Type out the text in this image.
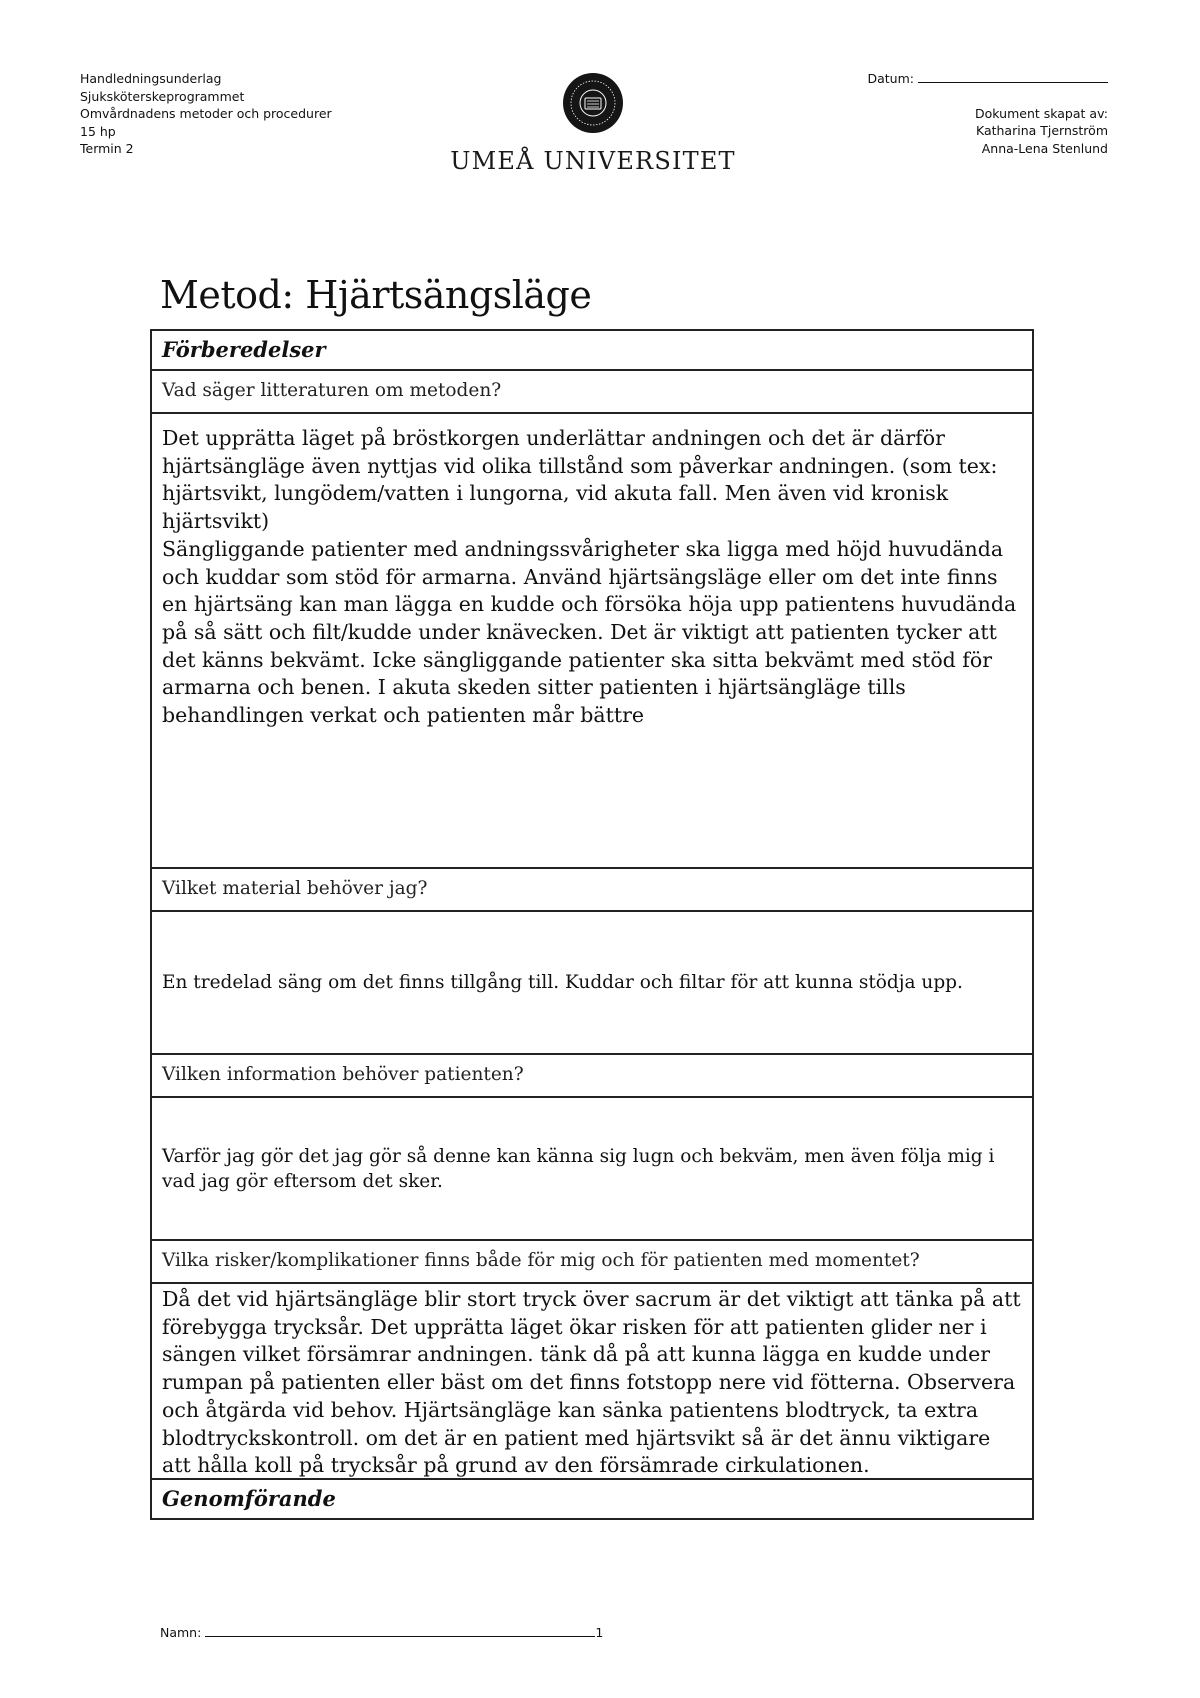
Handledningsunderlag
Sjuksköterskeprogrammet
Omvårdnadens metoder och procedurer
15 hp
Termin 2	UMEÅ UNIVERSITET
Datum:
Dokument skapat av:
Katharina Tjernström
Anna-Lena Stenlund
Metod: Hjärtsängsläge
Förberedelser
Vad säger litteraturen om metoden?
Det upprätta läget på bröstkorgen underlättar andningen och det är därför hjärtsängläge även nyttjas vid olika tillstånd som påverkar andningen. (som tex: hjärtsvikt, lungödem/vatten i lungorna, vid akuta fall. Men även vid kronisk hjärtsvikt)
Sängliggande patienter med andningssvårigheter ska ligga med höjd huvudända och kuddar som stöd för armarna. Använd hjärtsängsläge eller om det inte finns en hjärtsäng kan man lägga en kudde och försöka höja upp patientens huvudända på så sätt och filt/kudde under knävecken. Det är viktigt att patienten tycker att det känns bekvämt. Icke sängliggande patienter ska sitta bekvämt med stöd för armarna och benen. I akuta skeden sitter patienten i hjärtsängläge tills behandlingen verkat och patienten mår bättre
Vilket material behöver jag?
En tredelad säng om det finns tillgång till. Kuddar och filtar för att kunna stödja upp.
Vilken information behöver patienten?
Varför jag gör det jag gör så denne kan känna sig lugn och bekväm, men även följa mig i vad jag gör eftersom det sker.
Vilka risker/komplikationer finns både för mig och för patienten med momentet?
Då det vid hjärtsängläge blir stort tryck över sacrum är det viktigt att tänka på att förebygga trycksår. Det upprätta läget ökar risken för att patienten glider ner i sängen vilket försämrar andningen. tänk då på att kunna lägga en kudde under rumpan på patienten eller bäst om det finns fotstopp nere vid fötterna. Observera och åtgärda vid behov. Hjärtsängläge kan sänka patientens blodtryck, ta extra blodtryckskontroll. om det är en patient med hjärtsvikt så är det ännu viktigare att hålla koll på trycksår på grund av den försämrade cirkulationen.
Genomförande
Namn:	1
